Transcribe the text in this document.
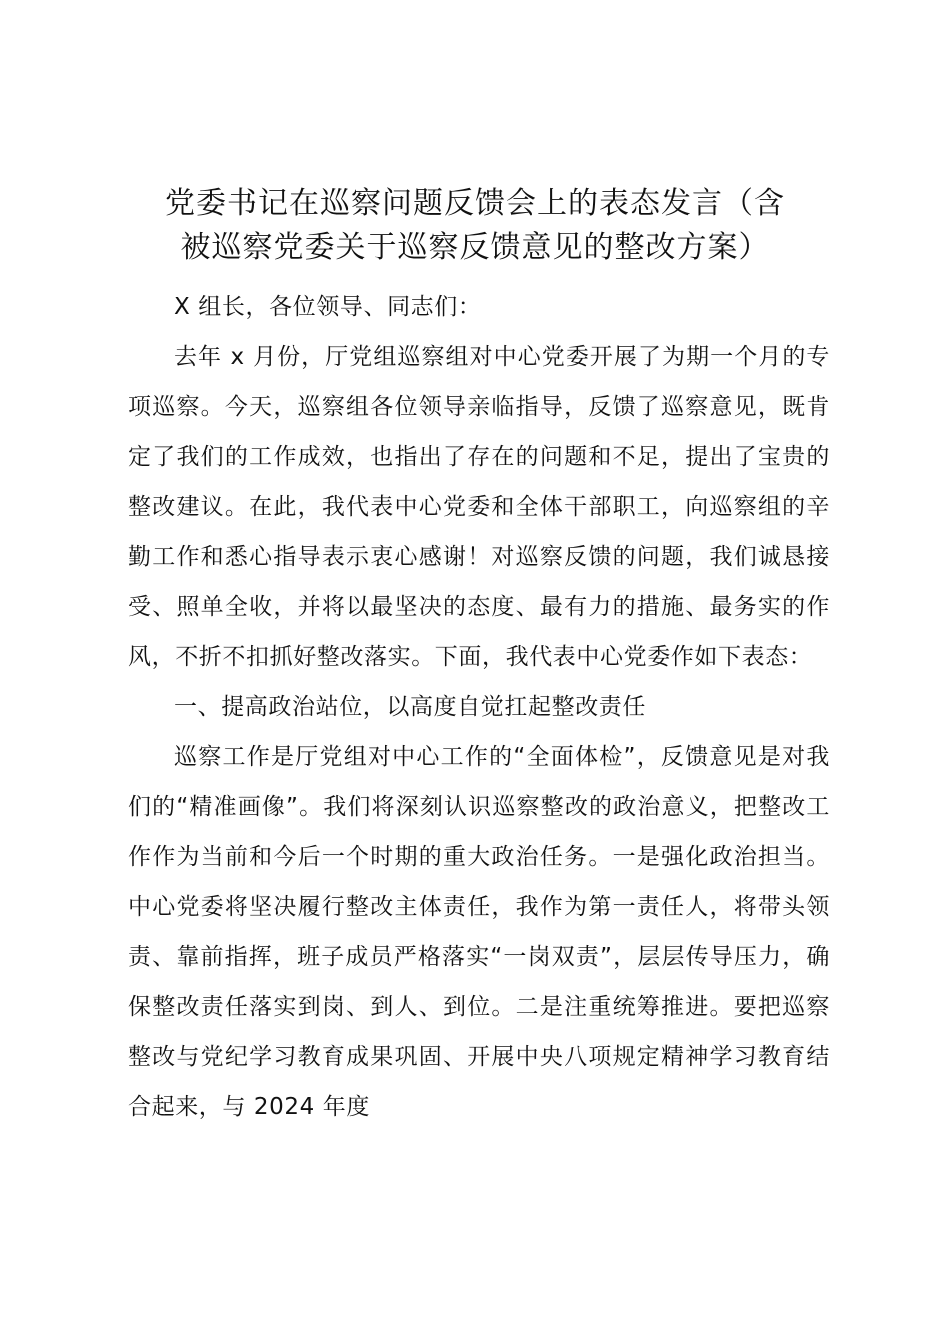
党委书记在巡察问题反馈会上的表态发言（含
被巡察党委关于巡察反馈意见的整改方案）

X 组长，各位领导、同志们：

去年 x 月份，厅党组巡察组对中心党委开展了为期一个月的专项巡察。今天，巡察组各位领导亲临指导，反馈了巡察意见，既肯定了我们的工作成效，也指出了存在的问题和不足，提出了宝贵的整改建议。在此，我代表中心党委和全体干部职工，向巡察组的辛勤工作和悉心指导表示衷心感谢！对巡察反馈的问题，我们诚恳接受、照单全收，并将以最坚决的态度、最有力的措施、最务实的作风，不折不扣抓好整改落实。下面，我代表中心党委作如下表态：

一、提高政治站位，以高度自觉扛起整改责任

巡察工作是厅党组对中心工作的“全面体检”，反馈意见是对我们的“精准画像”。我们将深刻认识巡察整改的政治意义，把整改工作作为当前和今后一个时期的重大政治任务。一是强化政治担当。中心党委将坚决履行整改主体责任，我作为第一责任人，将带头领责、靠前指挥，班子成员严格落实“一岗双责”，层层传导压力，确保整改责任落实到岗、到人、到位。二是注重统筹推进。要把巡察整改与党纪学习教育成果巩固、开展中央八项规定精神学习教育结合起来，与 2024 年度
